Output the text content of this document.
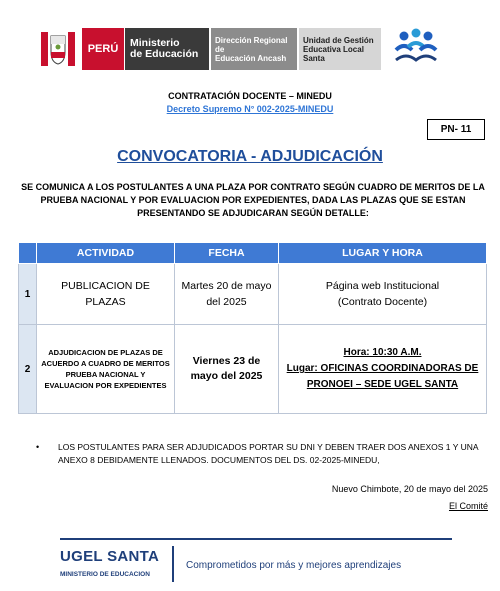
PERÚ Ministerio
de Educación
Dirección Regional de
Educación Ancash
Unidad de Gestión
Educativa Local Santa
CONTRATACIÓN DOCENTE – MINEDU
Decreto Supremo N° 002-2025-MINEDU
PN- 11
CONVOCATORIA - ADJUDICACIÓN
SE COMUNICA A LOS POSTULANTES A UNA PLAZA POR CONTRATO SEGÚN CUADRO DE MERITOS DE LA PRUEBA NACIONAL Y POR EVALUACION POR EXPEDIENTES, DADA LAS PLAZAS QUE SE ESTAN PRESENTANDO SE ADJUDICARAN SEGÚN DETALLE:
	ACTIVIDAD	FECHA	LUGAR Y HORA
1	PUBLICACION DE PLAZAS	Martes 20 de mayo del 2025	Página web Institucional
(Contrato Docente)

2	ADJUDICACION DE PLAZAS DE ACUERDO A CUADRO DE MERITOS PRUEBA NACIONAL Y EVALUACION POR EXPEDIENTES	Viernes 23 de mayo del 2025	Hora: 10:30 A.M.
Lugar: OFICINAS COORDINADORAS DE PRONOEI – SEDE UGEL SANTA
• LOS POSTULANTES PARA SER ADJUDICADOS PORTAR SU DNI Y DEBEN TRAER DOS ANEXOS 1 Y UNA ANEXO 8 DEBIDAMENTE LLENADOS. DOCUMENTOS DEL DS. 02-2025-MINEDU,
Nuevo Chimbote, 20 de mayo del 2025
El Comité
UGEL SANTA
MINISTERIO DE EDUCACION
Comprometidos por más y mejores aprendizajes
